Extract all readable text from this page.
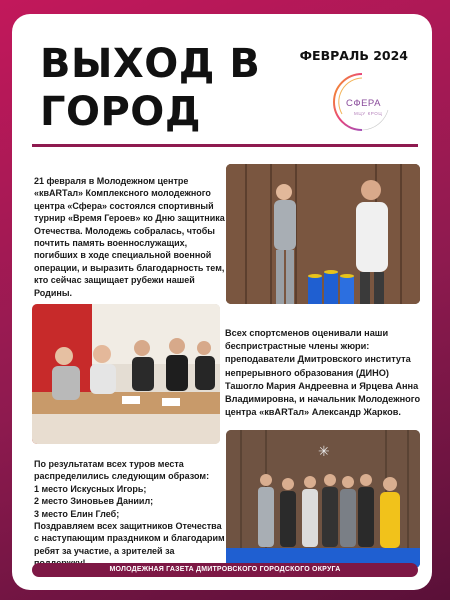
ВЫХОД В
ГОРОД
ФЕВРАЛЬ 2024
СФЕРА
МЦУ КРОЦ
21 февраля в Молодежном центре «квАRТал» Комплексного молодежного центра «Сфера» состоялся спортивный турнир «Время Героев» ко Дню защитника Отечества. Молодежь собралась, чтобы почтить память военнослужащих, погибших в ходе специальной военной операции, и выразить благодарность тем, кто сейчас защищает рубежи нашей Родины.
Всех спортсменов оценивали наши беспристрастные члены жюри: преподаватели Дмитровского института непрерывного образования (ДИНО) Ташогло Мария Андреевна и Ярцева Анна Владимировна, и начальник Молодежного центра «квАRТал» Александр Жарков.
По результатам всех туров места распределились следующим образом:
1 место Искусных Игорь;
2 место Зиновьев Даниил;
3 место Елин Глеб;
Поздравляем всех защитников Отечества с наступающим праздником и благодарим ребят за участие, а зрителей за
✳
МОЛОДЕЖНАЯ ГАЗЕТА ДМИТРОВСКОГО ГОРОДСКОГО ОКРУГА
